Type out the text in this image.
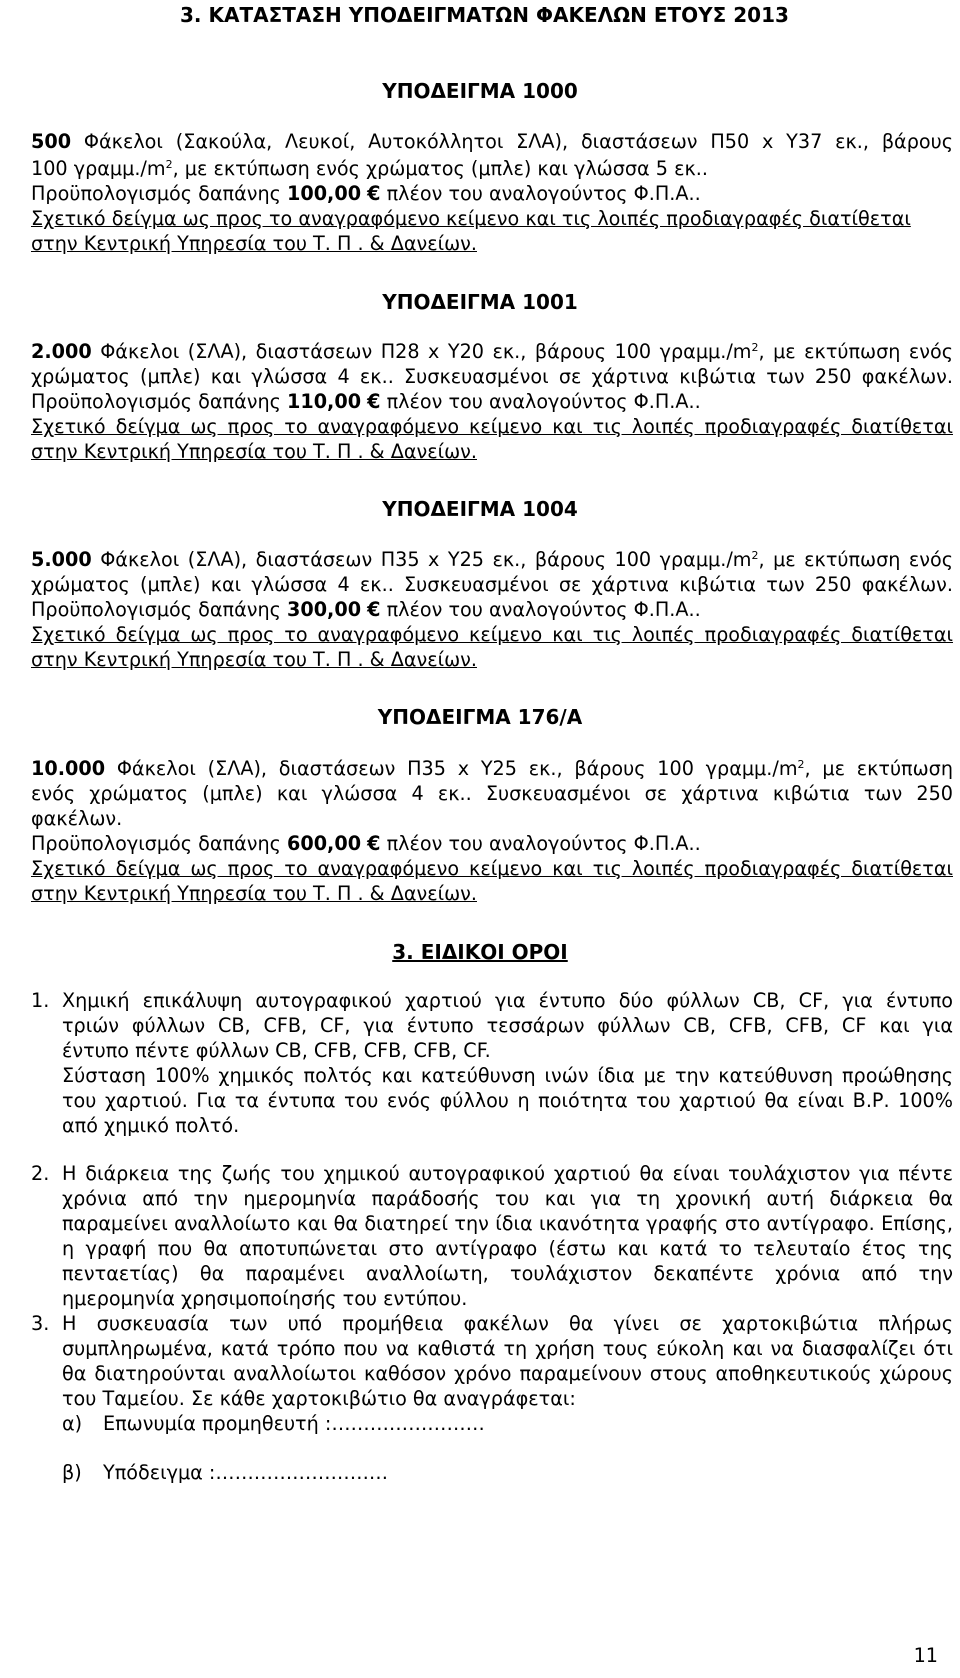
3. ΚΑΤΑΣΤΑΣΗ ΥΠΟΔΕΙΓΜΑΤΩΝ ΦΑΚΕΛΩΝ ΕΤΟΥΣ 2013
ΥΠΟΔΕΙΓΜΑ 1000
500 Φάκελοι (Σακούλα, Λευκοί, Αυτοκόλλητοι ΣΛΑ), διαστάσεων Π50 x Υ37 εκ., βάρους
100 $\gamma\rho\alpha\mu\mu./m^2$, με εκτύπωση ενός χρώματος (μπλε) και γλώσσα 5 εκ..
Προϋπολογισμός δαπάνης 100,00 € πλέον του αναλογούντος Φ.Π.Α..
Σχετικό δείγμα ως προς το αναγραφόμενο κείμενο και τις λοιπές προδιαγραφές διατίθεται
στην Κεντρική Υπηρεσία του Τ. Π . & Δανείων.
ΥΠΟΔΕΙΓΜΑ 1001
2.000 Φάκελοι (ΣΛΑ), διαστάσεων Π28 x Υ20 εκ., βάρους 100 $\gamma\rho\alpha\mu\mu./m^2$, με εκτύπωση ενός
χρώματος (μπλε) και γλώσσα 4 εκ.. Συσκευασμένοι σε χάρτινα κιβώτια των 250 φακέλων.
Προϋπολογισμός δαπάνης 110,00 € πλέον του αναλογούντος Φ.Π.Α..
Σχετικό δείγμα ως προς το αναγραφόμενο κείμενο και τις λοιπές προδιαγραφές διατίθεται
στην Κεντρική Υπηρεσία του Τ. Π . & Δανείων.
ΥΠΟΔΕΙΓΜΑ 1004
5.000 Φάκελοι (ΣΛΑ), διαστάσεων Π35 x Υ25 εκ., βάρους 100 $\gamma\rho\alpha\mu\mu./m^2$, με εκτύπωση ενός
χρώματος (μπλε) και γλώσσα 4 εκ.. Συσκευασμένοι σε χάρτινα κιβώτια των 250 φακέλων.
Προϋπολογισμός δαπάνης 300,00 € πλέον του αναλογούντος Φ.Π.Α..
Σχετικό δείγμα ως προς το αναγραφόμενο κείμενο και τις λοιπές προδιαγραφές διατίθεται
στην Κεντρική Υπηρεσία του Τ. Π . & Δανείων.
ΥΠΟΔΕΙΓΜΑ 176/Α
10.000 Φάκελοι (ΣΛΑ), διαστάσεων Π35 x Υ25 εκ., βάρους 100 $\gamma\rho\alpha\mu\mu./m^2$, με εκτύπωση
ενός χρώματος (μπλε) και γλώσσα 4 εκ.. Συσκευασμένοι σε χάρτινα κιβώτια των 250
φακέλων.
Προϋπολογισμός δαπάνης 600,00 € πλέον του αναλογούντος Φ.Π.Α..
Σχετικό δείγμα ως προς το αναγραφόμενο κείμενο και τις λοιπές προδιαγραφές διατίθεται
στην Κεντρική Υπηρεσία του Τ. Π . & Δανείων.
3. ΕΙΔΙΚΟΙ ΟΡΟΙ
1. Χημική επικάλυψη αυτογραφικού χαρτιού για έντυπο δύο φύλλων CB, CF, για έντυπο
τριών φύλλων CB, CFB, CF, για έντυπο τεσσάρων φύλλων CB, CFB, CFB, CF και για
έντυπο πέντε φύλλων CB, CFB, CFB, CFB, CF.
Σύσταση 100% χημικός πολτός και κατεύθυνση ινών ίδια με την κατεύθυνση προώθησης
του χαρτιού. Για τα έντυπα του ενός φύλλου η ποιότητα του χαρτιού θα είναι Β.Ρ. 100%
από χημικό πολτό.
2. Η διάρκεια της ζωής του χημικού αυτογραφικού χαρτιού θα είναι τουλάχιστον για πέντε
χρόνια από την ημερομηνία παράδοσής του και για τη χρονική αυτή διάρκεια θα
παραμείνει αναλλοίωτο και θα διατηρεί την ίδια ικανότητα γραφής στο αντίγραφο. Επίσης,
η γραφή που θα αποτυπώνεται στο αντίγραφο (έστω και κατά το τελευταίο έτος της
πενταετίας) θα παραμένει αναλλοίωτη, τουλάχιστον δεκαπέντε χρόνια από την
ημερομηνία χρησιμοποίησής του εντύπου.
3. Η συσκευασία των υπό προμήθεια φακέλων θα γίνει σε χαρτοκιβώτια πλήρως
συμπληρωμένα, κατά τρόπο που να καθιστά τη χρήση τους εύκολη και να διασφαλίζει ότι
θα διατηρούνται αναλλοίωτοι καθόσον χρόνο παραμείνουν στους αποθηκευτικούς χώρους
του Ταμείου. Σε κάθε χαρτοκιβώτιο θα αναγράφεται:
α) Επωνυμία προμηθευτή :……………………
β) Υπόδειγμα :………………………
11
